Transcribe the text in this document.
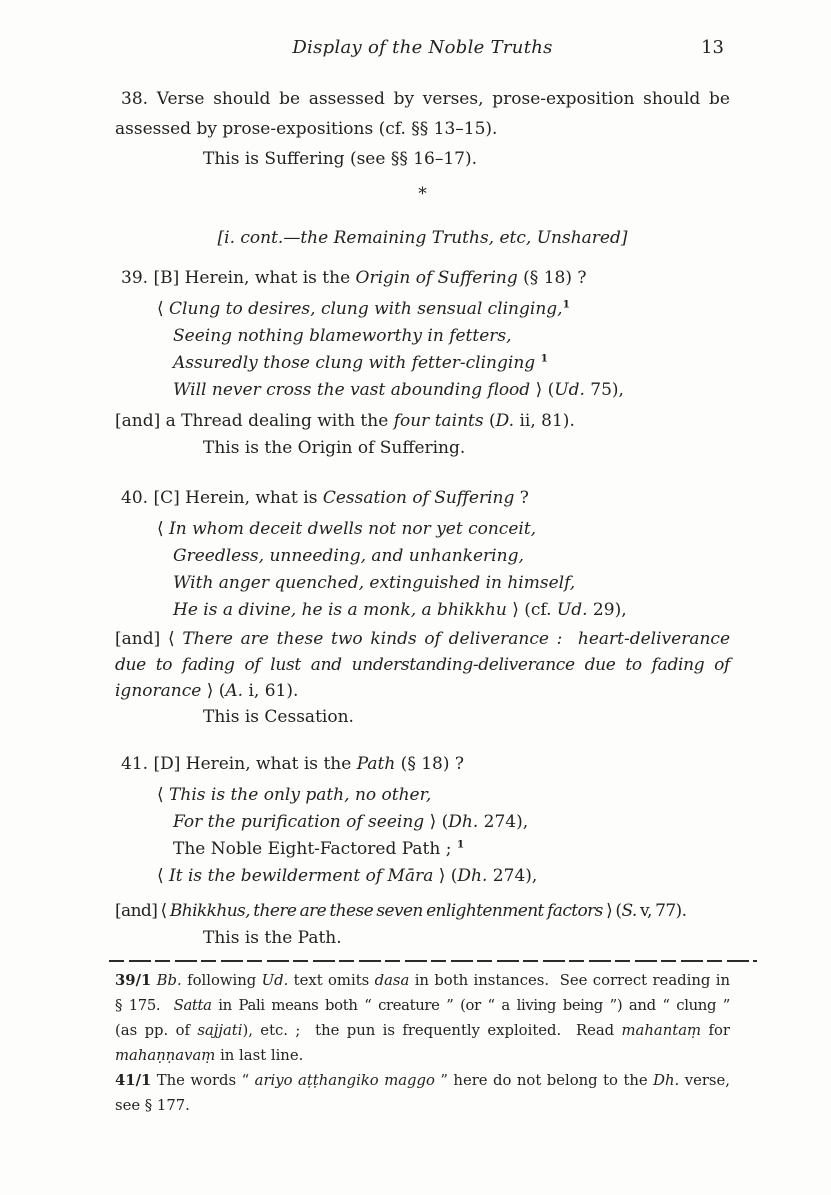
Display of the Noble Truths	13
38. Verse should be assessed by verses, prose-exposition should be
assessed by prose-expositions (cf. §§ 13–15).
This is Suffering (see §§ 16–17).
*
[i. cont.—the Remaining Truths, etc, Unshared]
39. [B] Herein, what is the Origin of Suffering (§ 18) ?
⟨ Clung to desires, clung with sensual clinging,$^1$
Seeing nothing blameworthy in fetters,
Assuredly those clung with fetter-clinging $^1$
Will never cross the vast abounding flood ⟩ (Ud. 75),
[and] a Thread dealing with the four taints (D. ii, 81).
This is the Origin of Suffering.
40. [C] Herein, what is Cessation of Suffering ?
⟨ In whom deceit dwells not nor yet conceit,
Greedless, unneeding, and unhankering,
With anger quenched, extinguished in himself,
He is a divine, he is a monk, a bhikkhu ⟩ (cf. Ud. 29),
[and] ⟨ There are these two kinds of deliverance :  heart-deliverance
due to fading of lust and understanding-deliverance due to fading of
ignorance ⟩ (A. i, 61).
This is Cessation.
41. [D] Herein, what is the Path (§ 18) ?
⟨ This is the only path, no other,
For the purification of seeing ⟩ (Dh. 274),
The Noble Eight-Factored Path ; $^1$
⟨ It is the bewilderment of Māra ⟩ (Dh. 274),
[and] ⟨ Bhikkhus, there are these seven enlightenment factors ⟩ (S. v, 77).
This is the Path.
39/1 Bb. following Ud. text omits dasa in both instances.  See correct reading in
§ 175.  Satta in Pali means both “ creature ” (or “ a living being ”) and “ clung ”
(as pp. of sajjati), etc. ;  the pun is frequently exploited.  Read mahantaṃ for
mahaṇṇavaṃ in last line.
41/1 The words “ ariyo aṭṭhangiko maggo ” here do not belong to the Dh. verse,
see § 177.
